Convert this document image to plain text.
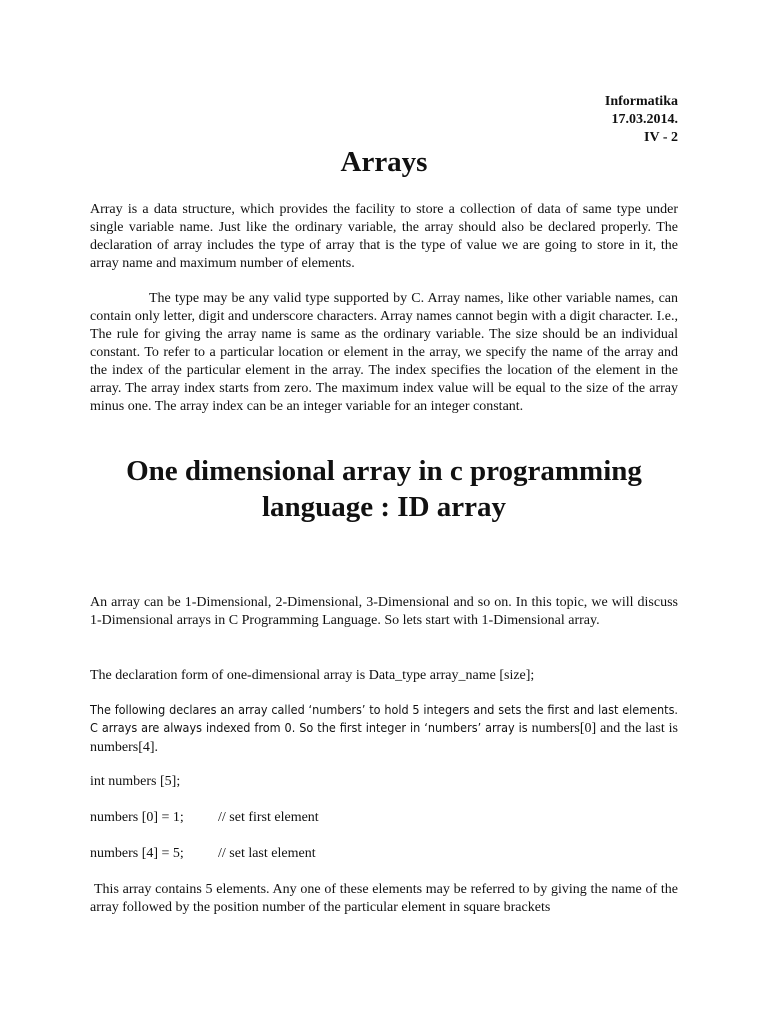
Informatika
17.03.2014.
IV - 2
Arrays

Array is a data structure, which provides the facility to store a collection of data of same type under single variable name. Just like the ordinary variable, the array should also be declared properly. The declaration of array includes the type of array that is the type of value we are going to store in it, the array name and maximum number of elements.

The type may be any valid type supported by C. Array names, like other variable names, can contain only letter, digit and underscore characters. Array names cannot begin with a digit character. I.e., The rule for giving the array name is same as the ordinary variable. The size should be an individual constant. To refer to a particular location or element in the array, we specify the name of the array and the index of the particular element in the array. The index specifies the location of the element in the array. The array index starts from zero. The maximum index value will be equal to the size of the array minus one. The array index can be an integer variable for an integer constant.

One dimensional array in c programming language : ID array

An array can be 1-Dimensional, 2-Dimensional, 3-Dimensional and so on. In this topic, we will discuss 1-Dimensional arrays in C Programming Language. So lets start with 1-Dimensional array.

The declaration form of one-dimensional array is Data_type array_name [size];

The following declares an array called ‘numbers’ to hold 5 integers and sets the first and last elements. C arrays are always indexed from 0. So the first integer in ‘numbers’ array is numbers[0] and the last is numbers[4].

int numbers [5];
numbers [0] = 1; // set first element
numbers [4] = 5; // set last element

This array contains 5 elements. Any one of these elements may be referred to by giving the name of the array followed by the position number of the particular element in square brackets
